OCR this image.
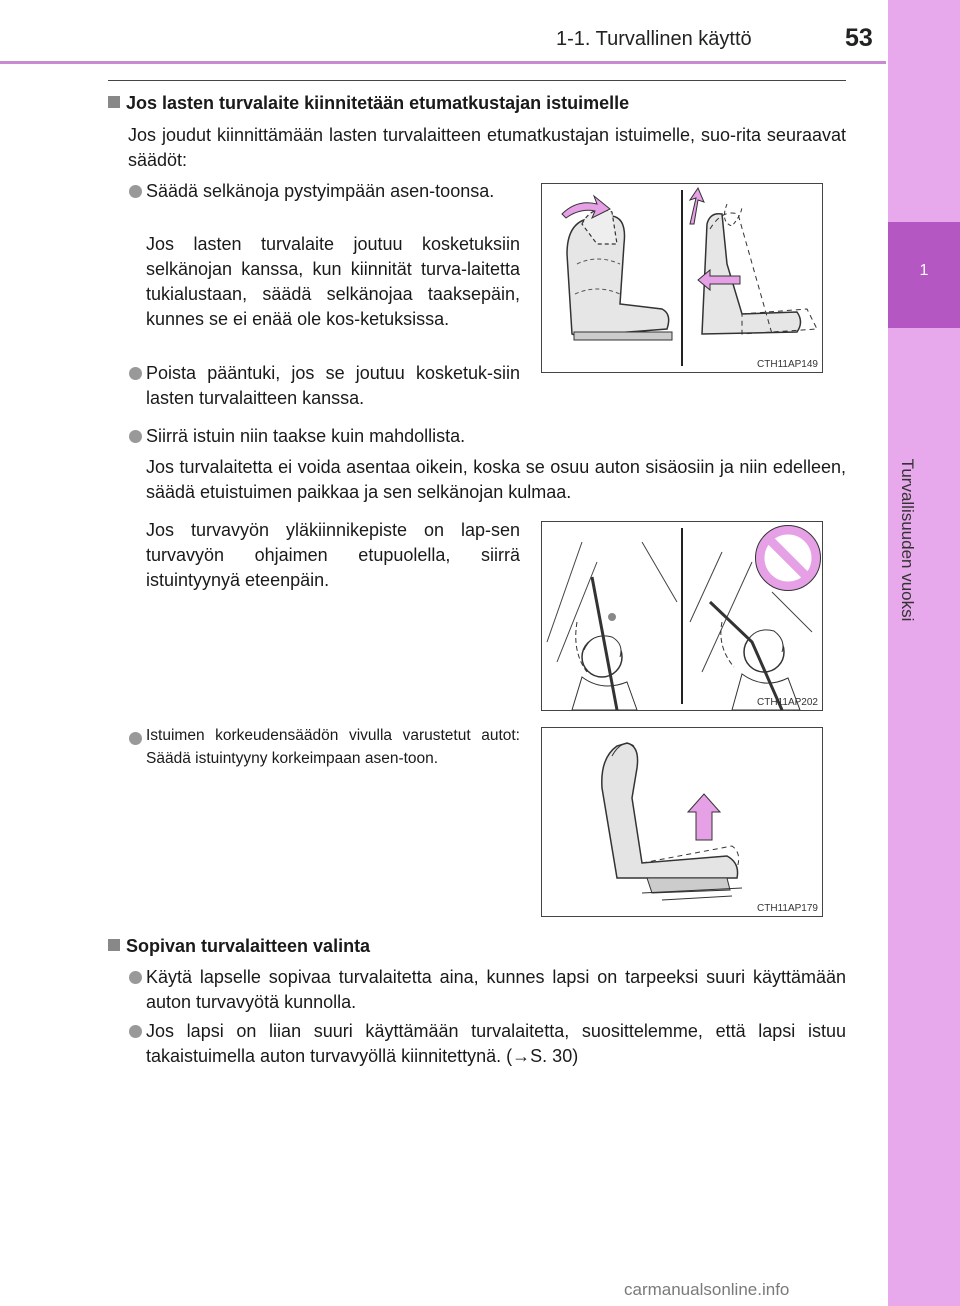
1
Turvallisuuden vuoksi
1-1. Turvallinen käyttö	53
Jos lasten turvalaite kiinnitetään etumatkustajan istuimelle
Jos joudut kiinnittämään lasten turvalaitteen etumatkustajan istuimelle, suo-rita seuraavat säädöt:
Säädä selkänoja pystyimpään asen-toonsa.
Jos lasten turvalaite joutuu kosketuksiin selkänojan kanssa, kun kiinnität turva-laitetta tukialustaan, säädä selkänojaa taaksepäin, kunnes se ei enää ole kos-ketuksissa.
Poista pääntuki, jos se joutuu kosketuk-siin lasten turvalaitteen kanssa.
Siirrä istuin niin taakse kuin mahdollista.
Jos turvalaitetta ei voida asentaa oikein, koska se osuu auton sisäosiin ja niin edelleen, säädä etuistuimen paikkaa ja sen selkänojan kulmaa.
Jos turvavyön yläkiinnikepiste on lap-sen turvavyön ohjaimen etupuolella, siirrä istuintyynyä eteenpäin.
Istuimen korkeudensäädön vivulla varustetut autot: Säädä istuintyyny korkeimpaan asen-toon.
CTH11AP149
CTH11AP202
CTH11AP179
Sopivan turvalaitteen valinta
Käytä lapselle sopivaa turvalaitetta aina, kunnes lapsi on tarpeeksi suuri käyttämään auton turvavyötä kunnolla.
Jos lapsi on liian suuri käyttämään turvalaitetta, suosittelemme, että lapsi istuu takaistuimella auton turvavyöllä kiinnitettynä. (→S. 30)
carmanualsonline.info
